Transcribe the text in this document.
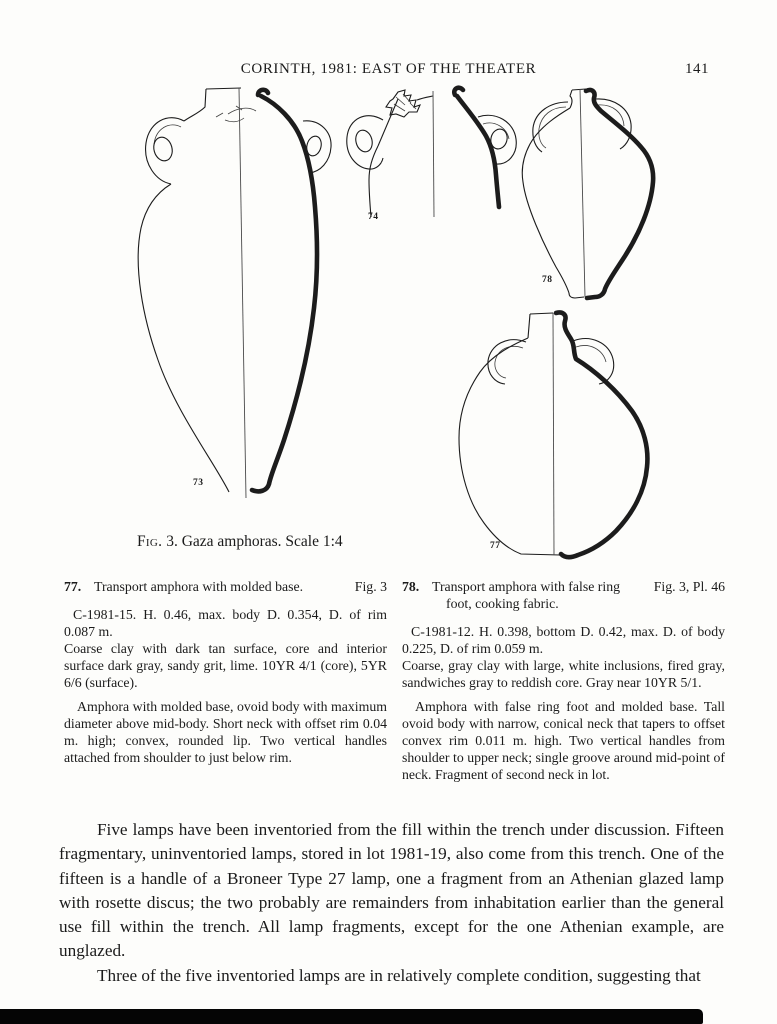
CORINTH, 1981: EAST OF THE THEATER	141
73
74
78
77
Fig. 3. Gaza amphoras. Scale 1:4
77. Transport amphora with molded base.	Fig. 3

C-1981-15. H. 0.46, max. body D. 0.354, D. of rim 0.087 m.

Coarse clay with dark tan surface, core and interior surface dark gray, sandy grit, lime. 10YR 4/1 (core), 5YR 6/6 (surface).

Amphora with molded base, ovoid body with maximum diameter above mid-body. Short neck with offset rim 0.04 m. high; convex, rounded lip. Two vertical handles attached from shoulder to just below rim.

78. Transport amphora with false ring foot, cooking fabric.
Fig. 3, Pl. 46

C-1981-12. H. 0.398, bottom D. 0.42, max. D. of body 0.225, D. of rim 0.059 m.

Coarse, gray clay with large, white inclusions, fired gray, sandwiches gray to reddish core. Gray near 10YR 5/1.

Amphora with false ring foot and molded base. Tall ovoid body with narrow, conical neck that tapers to offset convex rim 0.011 m. high. Two vertical handles from shoulder to upper neck; single groove around mid-point of neck. Fragment of second neck in lot.

Five lamps have been inventoried from the fill within the trench under discussion. Fifteen fragmentary, uninventoried lamps, stored in lot 1981-19, also come from this trench. One of the fifteen is a handle of a Broneer Type 27 lamp, one a fragment from an Athenian glazed lamp with rosette discus; the two probably are remainders from inhabitation earlier than the general use fill within the trench. All lamp fragments, except for the one Athenian example, are unglazed.

Three of the five inventoried lamps are in relatively complete condition, suggesting that
